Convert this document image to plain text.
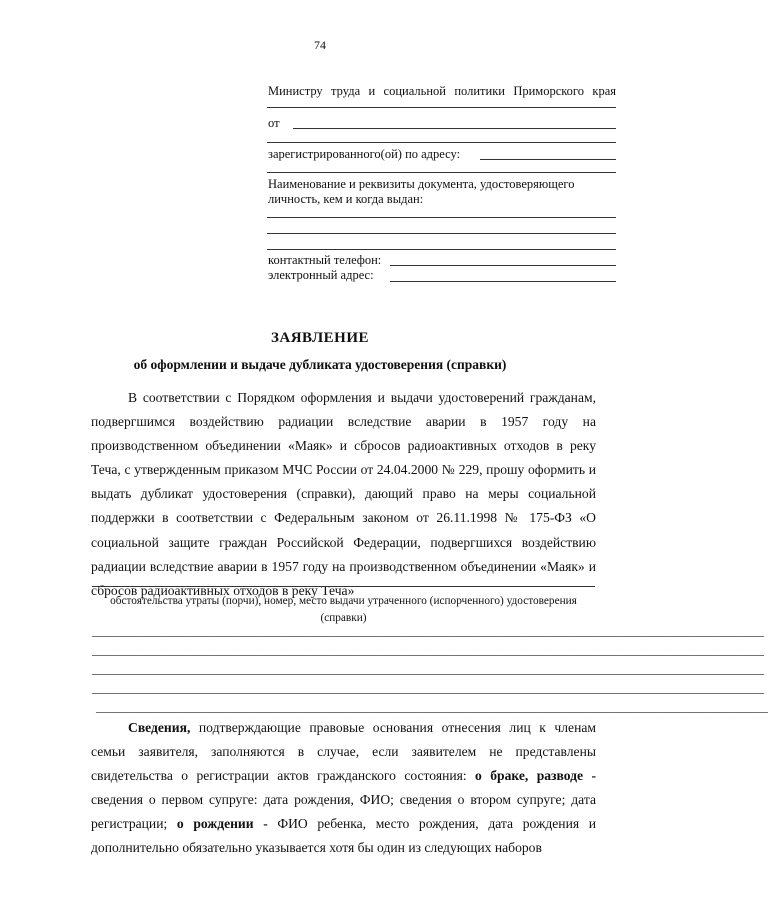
74
Министру труда и социальной политики Приморского края
от
зарегистрированного(ой) по адресу:
Наименование и реквизиты документа, удостоверяющего
личность, кем и когда выдан:
контактный телефон:
электронный адрес:
ЗАЯВЛЕНИЕ
об оформлении и выдаче дубликата удостоверения (справки)
В соответствии с Порядком оформления и выдачи удостоверений гражданам, подвергшимся воздействию радиации вследствие аварии в 1957 году на производственном объединении «Маяк» и сбросов радиоактивных отходов в реку Теча, с утвержденным приказом МЧС России от 24.04.2000 № 229, прошу оформить и выдать дубликат удостоверения (справки), дающий право на меры социальной поддержки в соответствии с Федеральным законом от 26.11.1998 № 175-ФЗ «О социальной защите граждан Российской Федерации, подвергшихся воздействию радиации вследствие аварии в 1957 году на производственном объединении «Маяк» и сбросов радиоактивных отходов в реку Теча»
обстоятельства утраты (порчи), номер, место выдачи утраченного (испорченного) удостоверения
(справки)
________________________________________________________________________________________________________________
________________________________________________________________________________________________________________
________________________________________________________________________________________________________________
________________________________________________________________________________________________________________
________________________________________________________________________________________________________________
Сведения, подтверждающие правовые основания отнесения лиц к членам семьи заявителя, заполняются в случае, если заявителем не представлены свидетельства о регистрации актов гражданского состояния: о браке, разводе - сведения о первом супруге: дата рождения, ФИО; сведения о втором супруге; дата регистрации; о рождении - ФИО ребенка, место рождения, дата рождения и дополнительно обязательно указывается хотя бы один из следующих наборов
